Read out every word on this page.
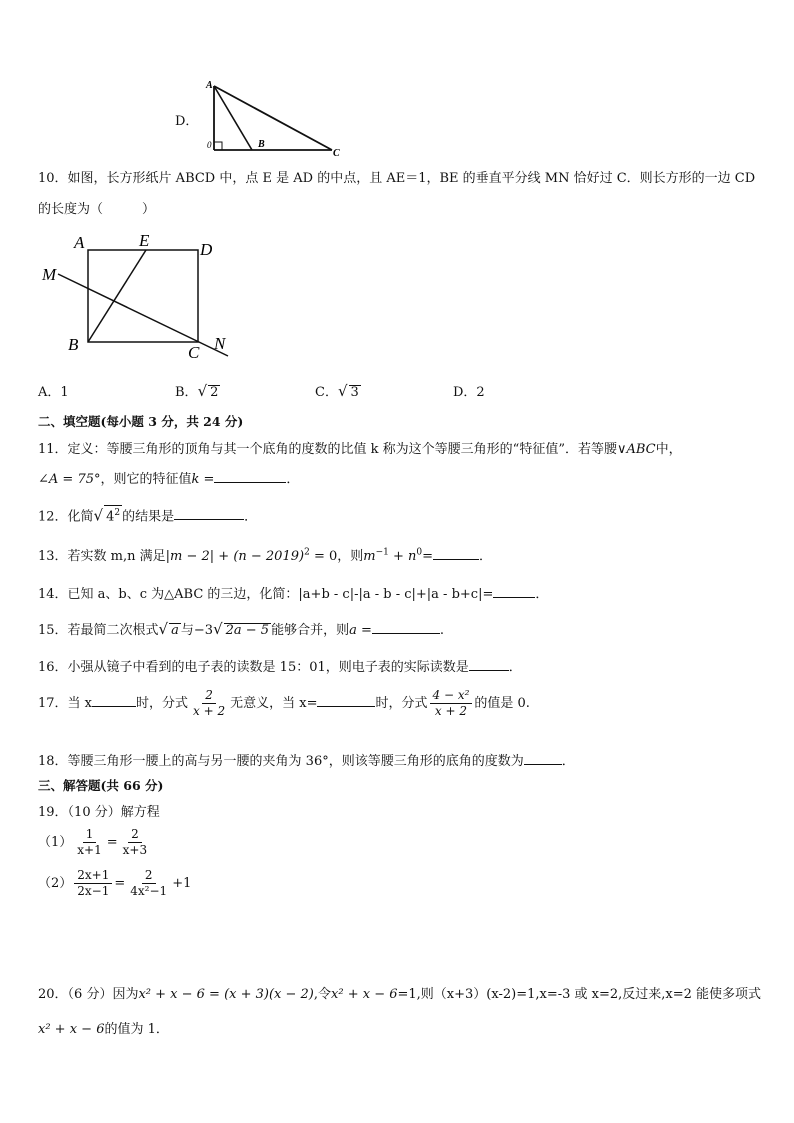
D．
A
0	B
C
10．如图，长方形纸片 ABCD 中，点 E 是 AD 的中点，且 AE＝1，BE 的垂直平分线 MN 恰好过 C．则长方形的一边 CD
的长度为（　　　）
A	E	D
M
B	C N
A．1	B．√ 2	C．√ 3	D．2
二、填空题(每小题 3 分，共 24 分)
11．定义：等腰三角形的顶角与其一个底角的度数的比值 k 称为这个等腰三角形的“特征值”．若等腰∨ABC中，
∠A = 75°，则它的特征值k =	．
12．化简√ $4^2$ 的结果是	．
13．若实数 m,n 满足$|m - 2| + (n - 2019)^2 = 0$，则$m^{-1} + n^0=$	．
14．已知 a、b、c 为△ABC 的三边，化简：|a+b - c|-|a - b - c|+|a - b+c|=	．
15．若最简二次根式√ a 与−3√ 2a − 5 能够合并，则a =	.
16．小强从镜子中看到的电子表的读数是 15：01，则电子表的实际读数是	．
17．当 x	时，分式 $\frac{2}{x + 2}$ 无意义，当 x=	时，分式 $\frac{\text{4 − x²}}{x + 2}$ 的值是 0.
18．等腰三角形一腰上的高与另一腰的夹角为 36°，则该等腰三角形的底角的度数为	．
三、解答题(共 66 分)
19．（10 分）解方程
$(1) \frac{1}{x+1} = \frac{2}{x+3}$
$(2) \frac{2x+1}{2x-1} = \frac{2}{\text{4x²−1}} +1$
20．（6 分）因为x² + x − 6 = (x + 3)(x − 2),令x² + x − 6=1,则（x+3）(x-2)=1,x=-3 或 x=2,反过来,x=2 能使多项式
x² + x − 6的值为 1．
